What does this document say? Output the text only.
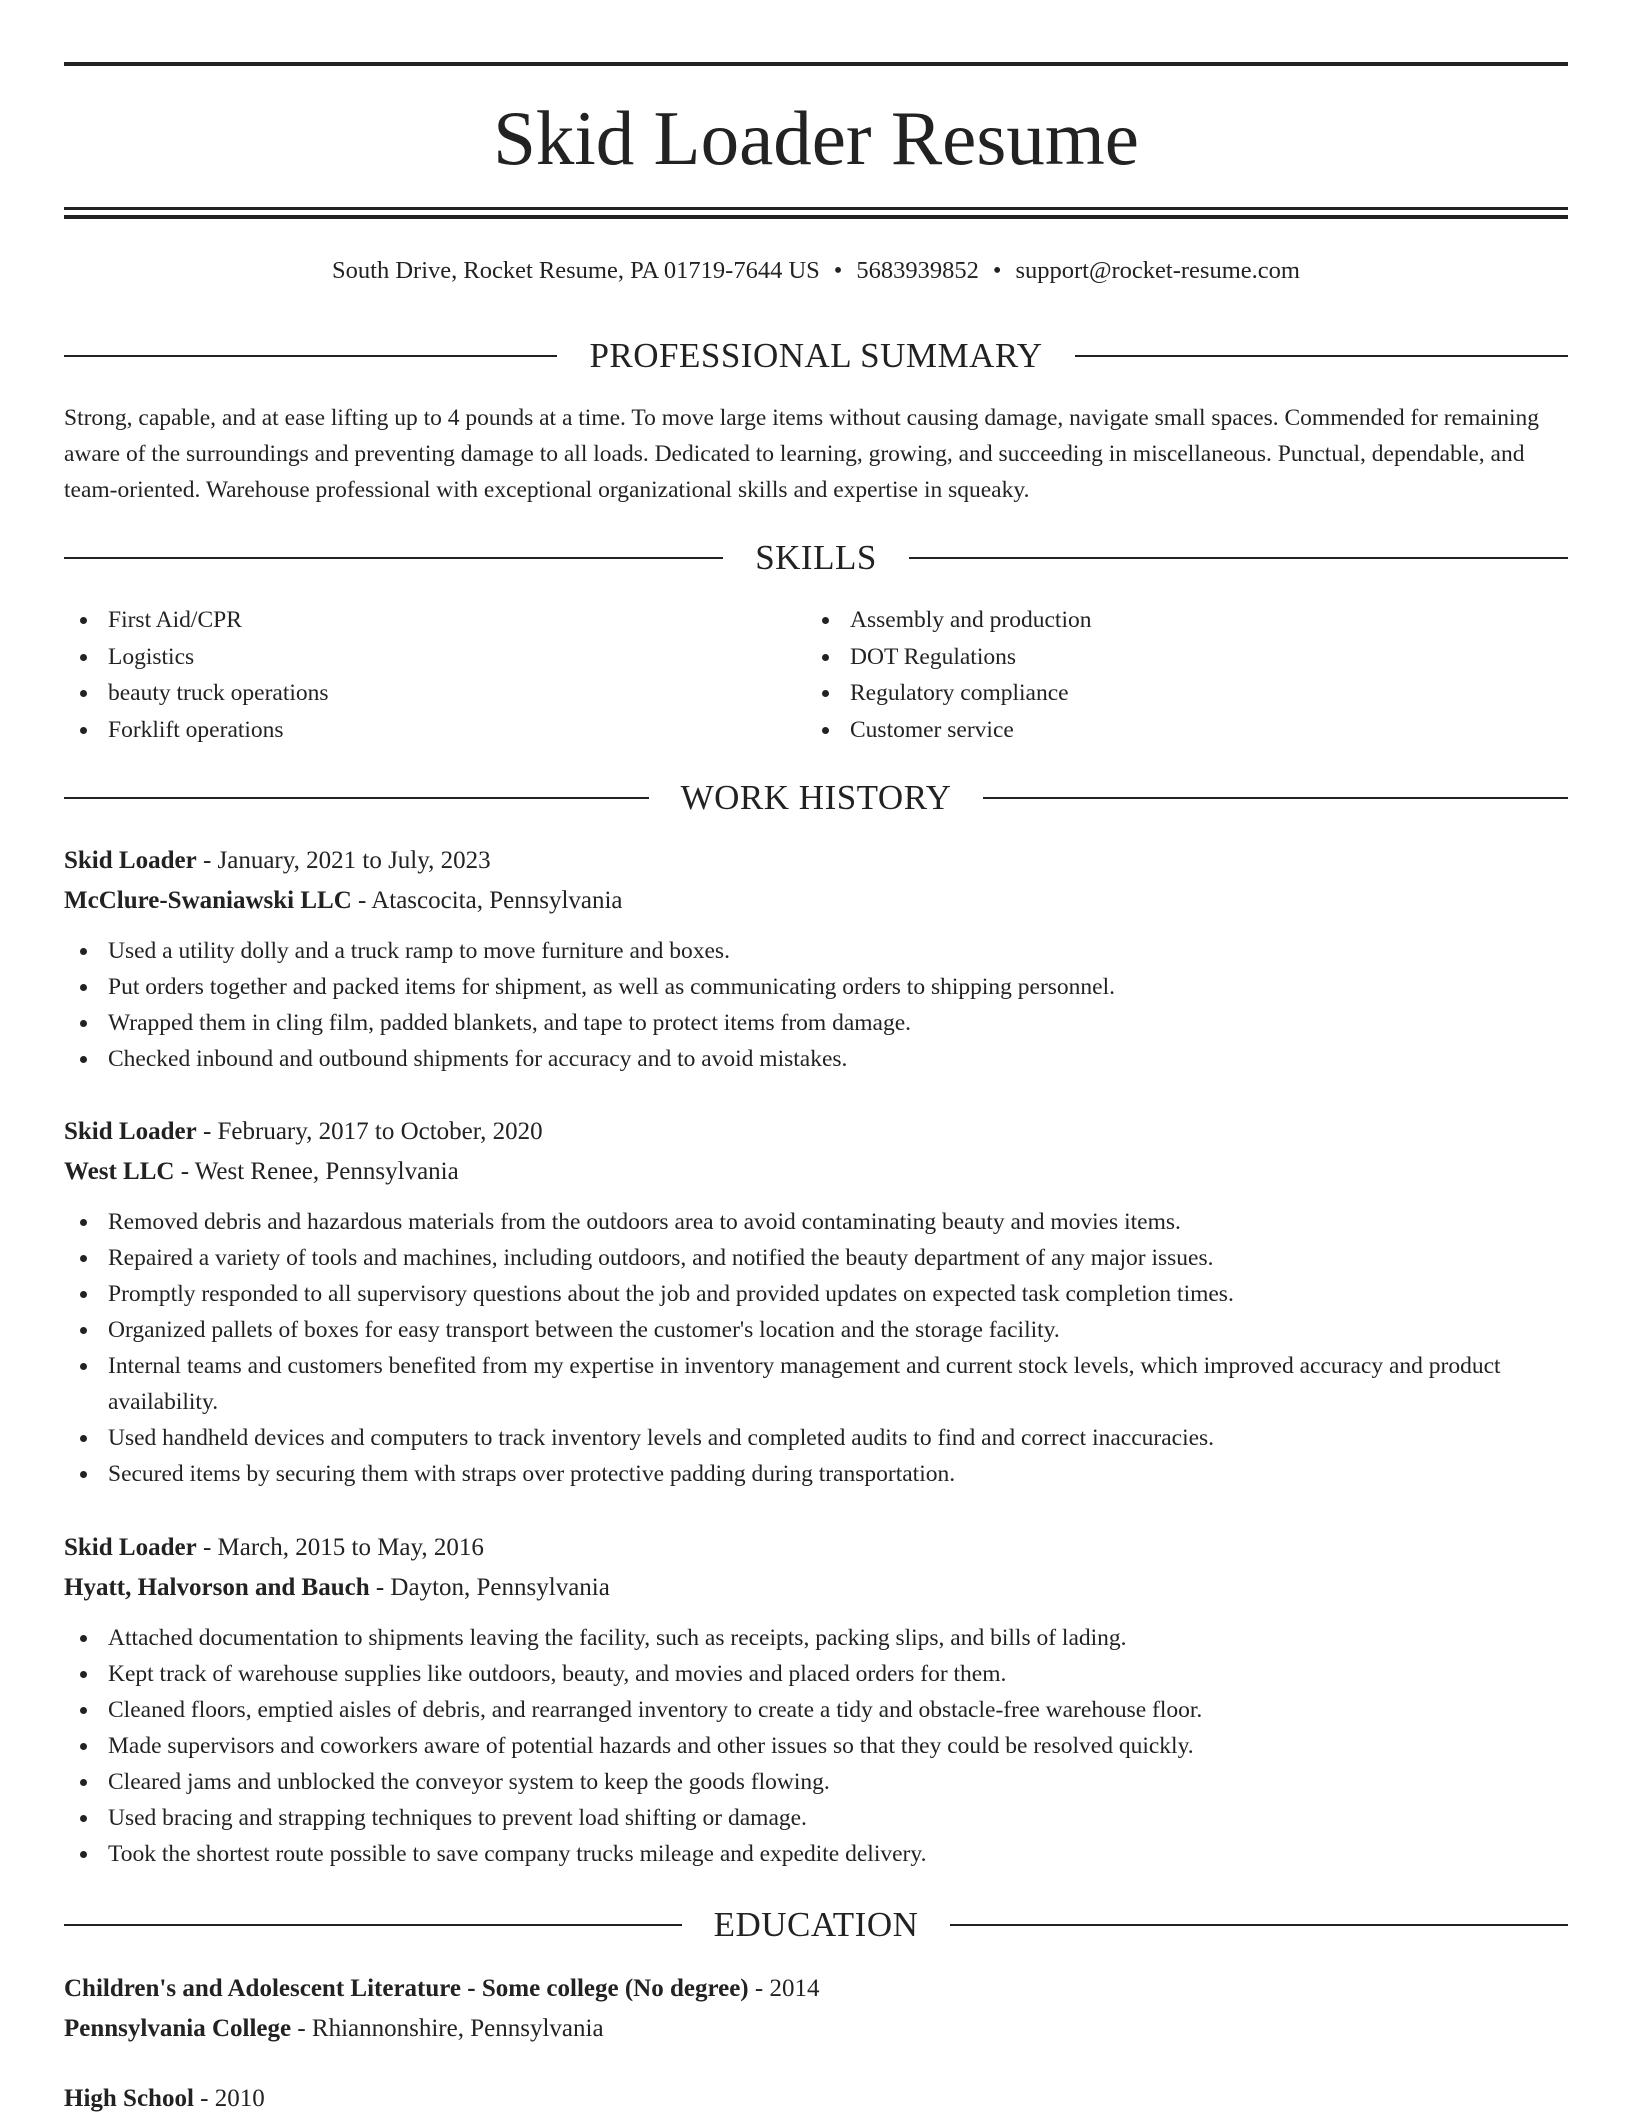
Skid Loader Resume
South Drive, Rocket Resume, PA 01719-7644 US • 5683939852 • support@rocket-resume.com
PROFESSIONAL SUMMARY

Strong, capable, and at ease lifting up to 4 pounds at a time. To move large items without causing damage, navigate small spaces. Commended for remaining aware of the surroundings and preventing damage to all loads. Dedicated to learning, growing, and succeeding in miscellaneous. Punctual, dependable, and team-oriented. Warehouse professional with exceptional organizational skills and expertise in squeaky.

SKILLS
First Aid/CPR
Logistics
beauty truck operations
Forklift operations
Assembly and production
DOT Regulations
Regulatory compliance
Customer service
WORK HISTORY
Skid Loader - January, 2021 to July, 2023
McClure-Swaniawski LLC - Atascocita, Pennsylvania
Used a utility dolly and a truck ramp to move furniture and boxes.
Put orders together and packed items for shipment, as well as communicating orders to shipping personnel.
Wrapped them in cling film, padded blankets, and tape to protect items from damage.
Checked inbound and outbound shipments for accuracy and to avoid mistakes.
Skid Loader - February, 2017 to October, 2020
West LLC - West Renee, Pennsylvania
Removed debris and hazardous materials from the outdoors area to avoid contaminating beauty and movies items.
Repaired a variety of tools and machines, including outdoors, and notified the beauty department of any major issues.
Promptly responded to all supervisory questions about the job and provided updates on expected task completion times.
Organized pallets of boxes for easy transport between the customer's location and the storage facility.
Internal teams and customers benefited from my expertise in inventory management and current stock levels, which improved accuracy and product availability.
Used handheld devices and computers to track inventory levels and completed audits to find and correct inaccuracies.
Secured items by securing them with straps over protective padding during transportation.
Skid Loader - March, 2015 to May, 2016
Hyatt, Halvorson and Bauch - Dayton, Pennsylvania
Attached documentation to shipments leaving the facility, such as receipts, packing slips, and bills of lading.
Kept track of warehouse supplies like outdoors, beauty, and movies and placed orders for them.
Cleaned floors, emptied aisles of debris, and rearranged inventory to create a tidy and obstacle-free warehouse floor.
Made supervisors and coworkers aware of potential hazards and other issues so that they could be resolved quickly.
Cleared jams and unblocked the conveyor system to keep the goods flowing.
Used bracing and strapping techniques to prevent load shifting or damage.
Took the shortest route possible to save company trucks mileage and expedite delivery.
EDUCATION
Children's and Adolescent Literature - Some college (No degree) - 2014
Pennsylvania College - Rhiannonshire, Pennsylvania
High School - 2010
